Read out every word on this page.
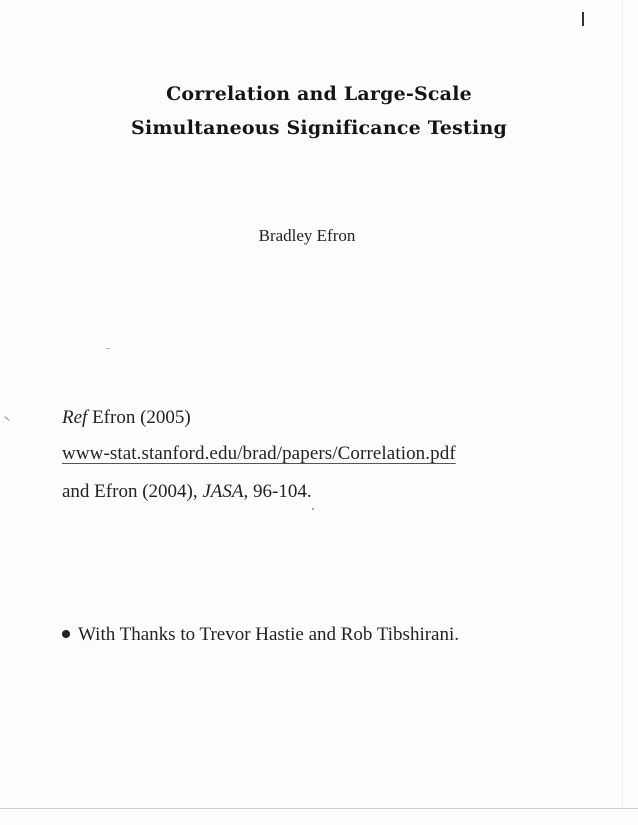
Correlation and Large-Scale
Simultaneous Significance Testing
Bradley Efron
Ref Efron (2005)
www-stat.stanford.edu/brad/papers/Correlation.pdf
and Efron (2004), JASA, 96-104.
With Thanks to Trevor Hastie and Rob Tibshirani.
